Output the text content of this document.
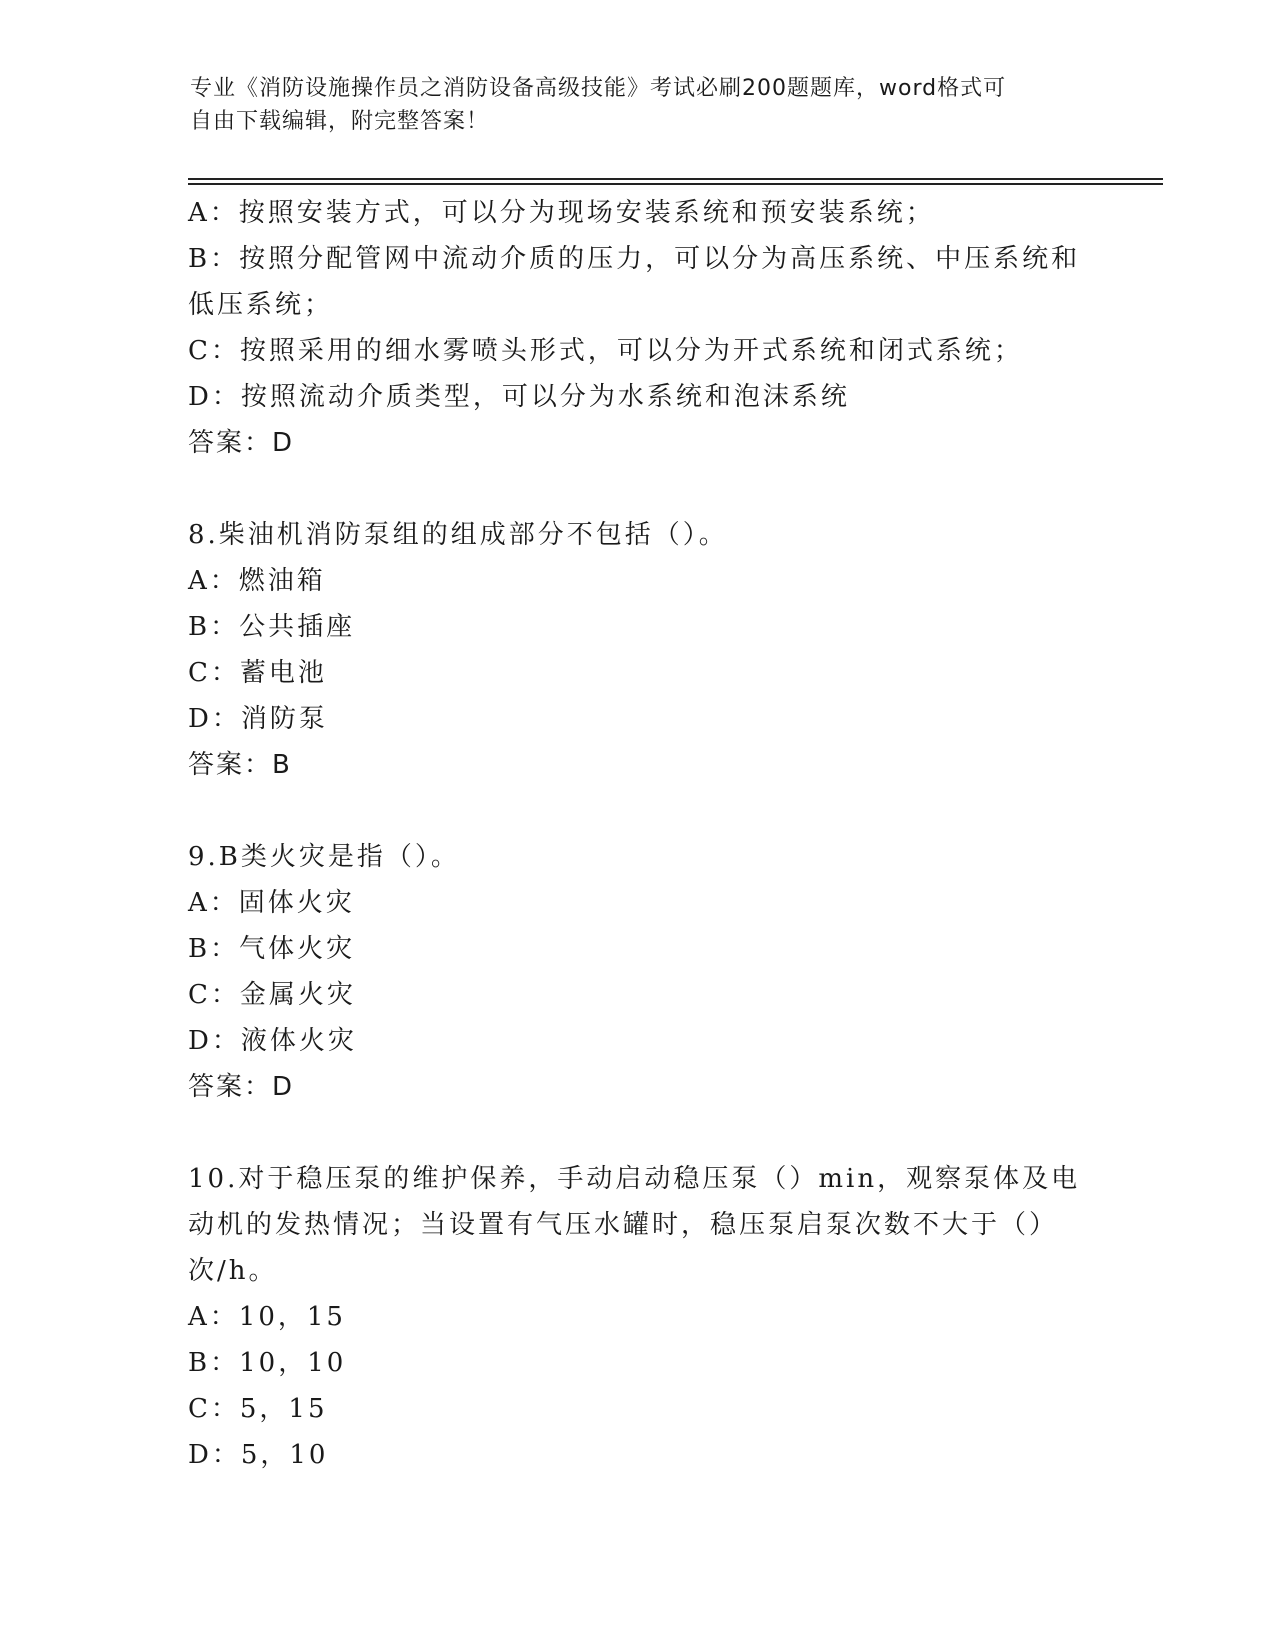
专业《消防设施操作员之消防设备高级技能》考试必刷200题题库，word格式可
自由下载编辑，附完整答案！
A：按照安装方式，可以分为现场安装系统和预安装系统；
B：按照分配管网中流动介质的压力，可以分为高压系统、中压系统和
低压系统；
C：按照采用的细水雾喷头形式，可以分为开式系统和闭式系统；
D：按照流动介质类型，可以分为水系统和泡沫系统
答案：D
8.柴油机消防泵组的组成部分不包括（）。
A：燃油箱
B：公共插座
C：蓄电池
D：消防泵
答案：B
9.B类火灾是指（）。
A：固体火灾
B：气体火灾
C：金属火灾
D：液体火灾
答案：D
10.对于稳压泵的维护保养，手动启动稳压泵（）min，观察泵体及电
动机的发热情况；当设置有气压水罐时，稳压泵启泵次数不大于（）
次/h。
A：10，15
B：10，10
C：5，15
D：5，10
